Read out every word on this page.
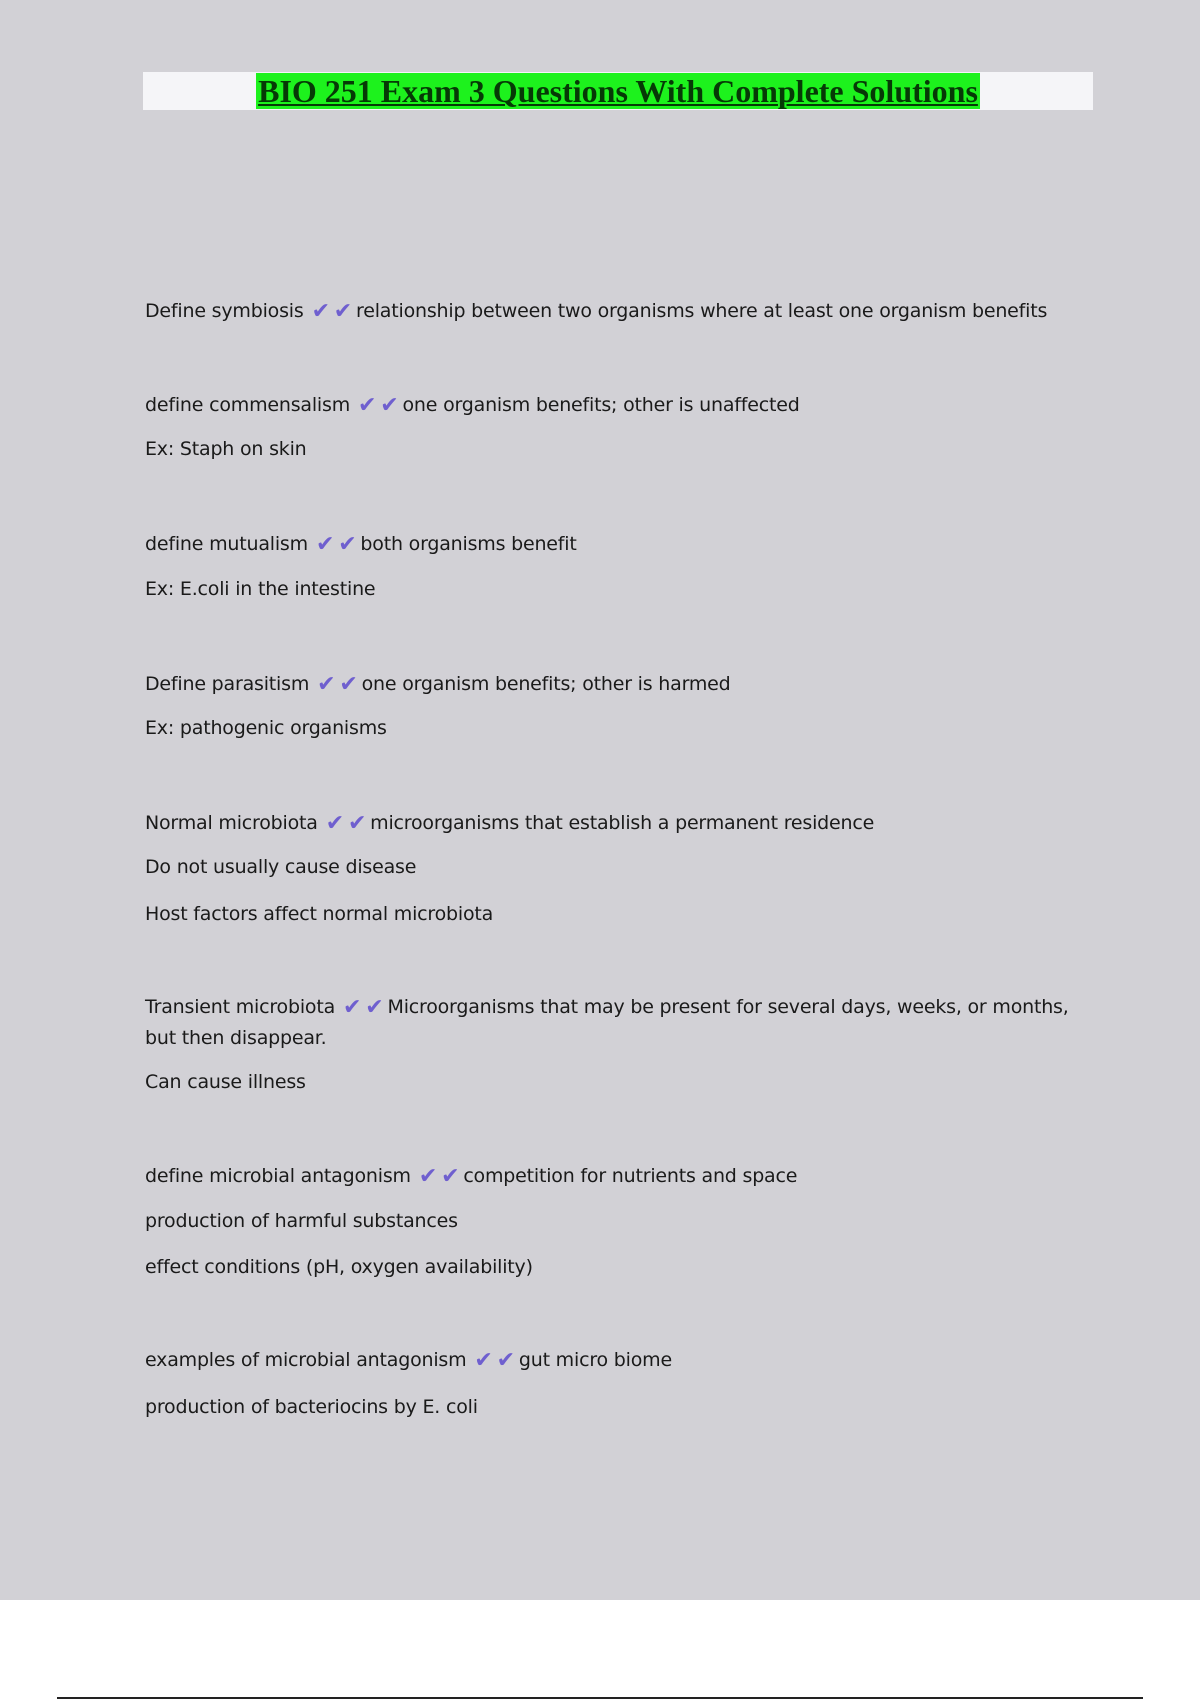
BIO 251 Exam 3 Questions With Complete Solutions
Define symbiosis ✔ ✔ relationship between two organisms where at least one organism benefits
define commensalism ✔ ✔ one organism benefits; other is unaffected
Ex: Staph on skin
define mutualism ✔ ✔ both organisms benefit
Ex: E.coli in the intestine
Define parasitism ✔ ✔ one organism benefits; other is harmed
Ex: pathogenic organisms
Normal microbiota ✔ ✔ microorganisms that establish a permanent residence
Do not usually cause disease
Host factors affect normal microbiota
Transient microbiota ✔ ✔ Microorganisms that may be present for several days, weeks, or months, but then disappear.
Can cause illness
define microbial antagonism ✔ ✔ competition for nutrients and space
production of harmful substances
effect conditions (pH, oxygen availability)
examples of microbial antagonism ✔ ✔ gut micro biome
production of bacteriocins by E. coli
